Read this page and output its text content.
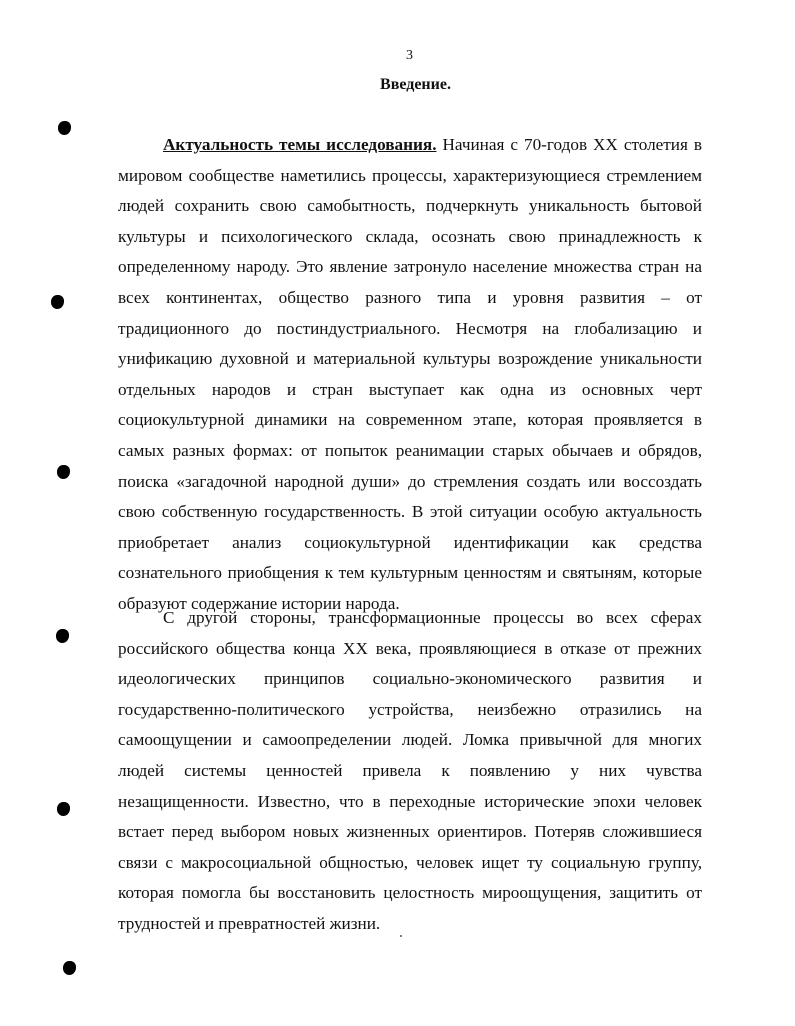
3
Введение.

Актуальность темы исследования. Начиная с 70-годов XX столетия в мировом сообществе наметились процессы, характеризующиеся стремлением людей сохранить свою самобытность, подчеркнуть уникальность бытовой культуры и психологического склада, осознать свою принадлежность к определенному народу. Это явление затронуло население множества стран на всех континентах, общество разного типа и уровня развития – от традиционного до постиндустриального. Несмотря на глобализацию и унификацию духовной и материальной культуры возрождение уникальности отдельных народов и стран выступает как одна из основных черт социокультурной динамики на современном этапе, которая проявляется в самых разных формах: от попыток реанимации старых обычаев и обрядов, поиска «загадочной народной души» до стремления создать или воссоздать свою собственную государственность. В этой ситуации особую актуальность приобретает анализ социокультурной идентификации как средства сознательного приобщения к тем культурным ценностям и святыням, которые образуют содержание истории народа.

С другой стороны, трансформационные процессы во всех сферах российского общества конца XX века, проявляющиеся в отказе от прежних идеологических принципов социально-экономического развития и государственно-политического устройства, неизбежно отразились на самоощущении и самоопределении людей. Ломка привычной для многих людей системы ценностей привела к появлению у них чувства незащищенности. Известно, что в переходные исторические эпохи человек встает перед выбором новых жизненных ориентиров. Потеряв сложившиеся связи с макросоциальной общностью, человек ищет ту социальную группу, которая помогла бы восстановить целостность мироощущения, защитить от трудностей и превратностей жизни.
